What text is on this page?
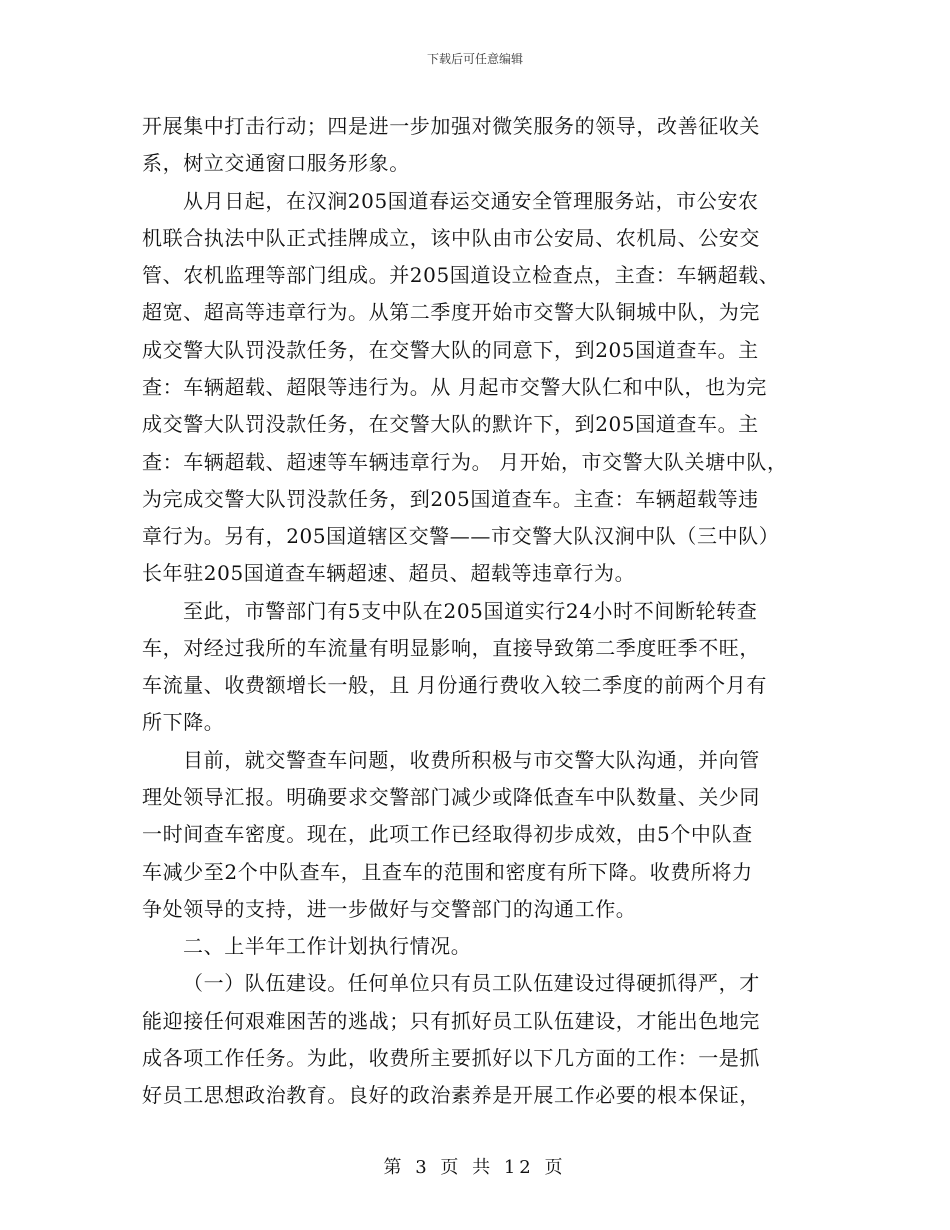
下载后可任意编辑
开展集中打击行动；四是进一步加强对微笑服务的领导，改善征收关
系，树立交通窗口服务形象。
从月日起，在汉涧205国道春运交通安全管理服务站，市公安农
机联合执法中队正式挂牌成立，该中队由市公安局、农机局、公安交
管、农机监理等部门组成。并205国道设立检查点，主查：车辆超载、
超宽、超高等违章行为。从第二季度开始市交警大队铜城中队，为完
成交警大队罚没款任务，在交警大队的同意下，到205国道查车。主
查：车辆超载、超限等违行为。从 月起市交警大队仁和中队，也为完
成交警大队罚没款任务，在交警大队的默许下，到205国道查车。主
查：车辆超载、超速等车辆违章行为。 月开始，市交警大队关塘中队，
为完成交警大队罚没款任务，到205国道查车。主查：车辆超载等违
章行为。另有，205国道辖区交警——市交警大队汉涧中队（三中队）
长年驻205国道查车辆超速、超员、超载等违章行为。
至此，市警部门有5支中队在205国道实行24小时不间断轮转查
车，对经过我所的车流量有明显影响，直接导致第二季度旺季不旺，
车流量、收费额增长一般，且 月份通行费收入较二季度的前两个月有
所下降。
目前，就交警查车问题，收费所积极与市交警大队沟通，并向管
理处领导汇报。明确要求交警部门减少或降低查车中队数量、关少同
一时间查车密度。现在，此项工作已经取得初步成效，由5个中队查
车减少至2个中队查车，且查车的范围和密度有所下降。收费所将力
争处领导的支持，进一步做好与交警部门的沟通工作。
二、上半年工作计划执行情况。
（一）队伍建设。任何单位只有员工队伍建设过得硬抓得严，才
能迎接任何艰难困苦的逃战；只有抓好员工队伍建设，才能出色地完
成各项工作任务。为此，收费所主要抓好以下几方面的工作：一是抓
好员工思想政治教育。良好的政治素养是开展工作必要的根本保证，
第 3 页 共 12 页
